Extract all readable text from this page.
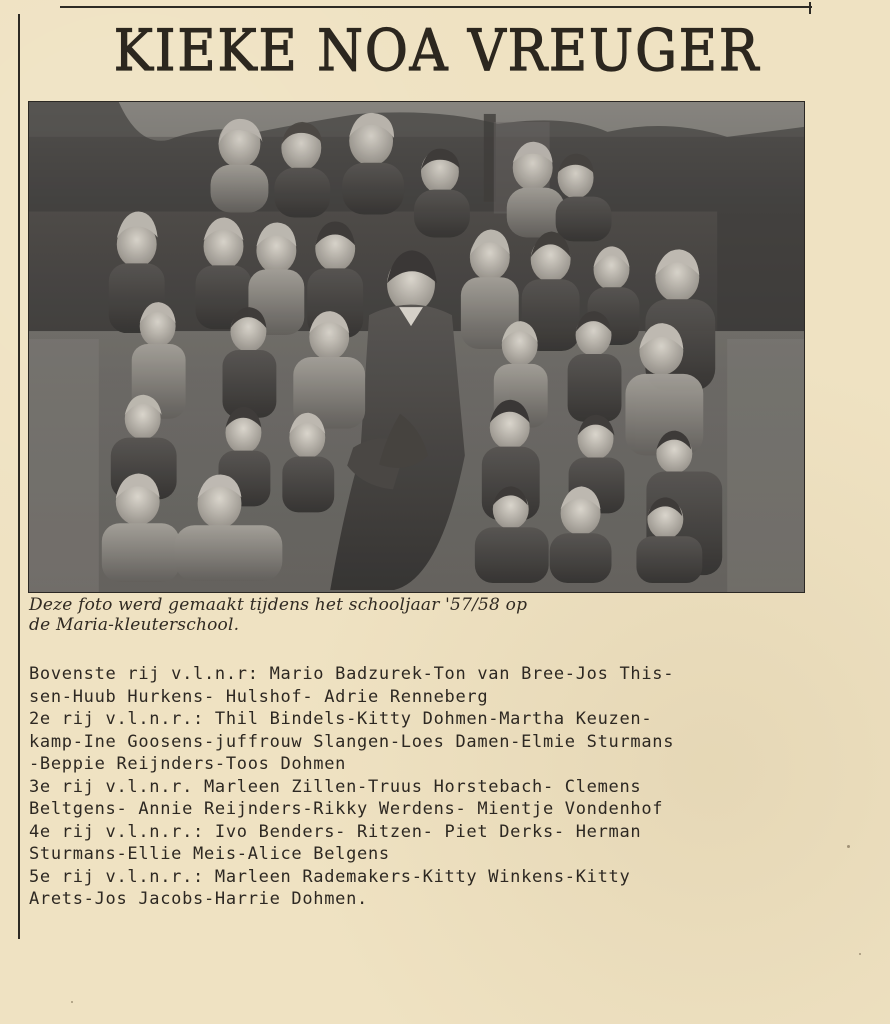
KIEKE NOA VREUGER
Deze foto werd gemaakt tijdens het schooljaar '57/58 op
de Maria-kleuterschool.
Bovenste rij v.l.n.r: Mario Badzurek-Ton van Bree-Jos This-
sen-Huub Hurkens- Hulshof- Adrie Renneberg
2e rij v.l.n.r.: Thil Bindels-Kitty Dohmen-Martha Keuzen-
kamp-Ine Goosens-juffrouw Slangen-Loes Damen-Elmie Sturmans
-Beppie Reijnders-Toos Dohmen
3e rij v.l.n.r. Marleen Zillen-Truus Horstebach- Clemens
Beltgens- Annie Reijnders-Rikky Werdens- Mientje Vondenhof
4e rij v.l.n.r.: Ivo Benders- Ritzen- Piet Derks- Herman
Sturmans-Ellie Meis-Alice Belgens
5e rij v.l.n.r.: Marleen Rademakers-Kitty Winkens-Kitty
Arets-Jos Jacobs-Harrie Dohmen.
